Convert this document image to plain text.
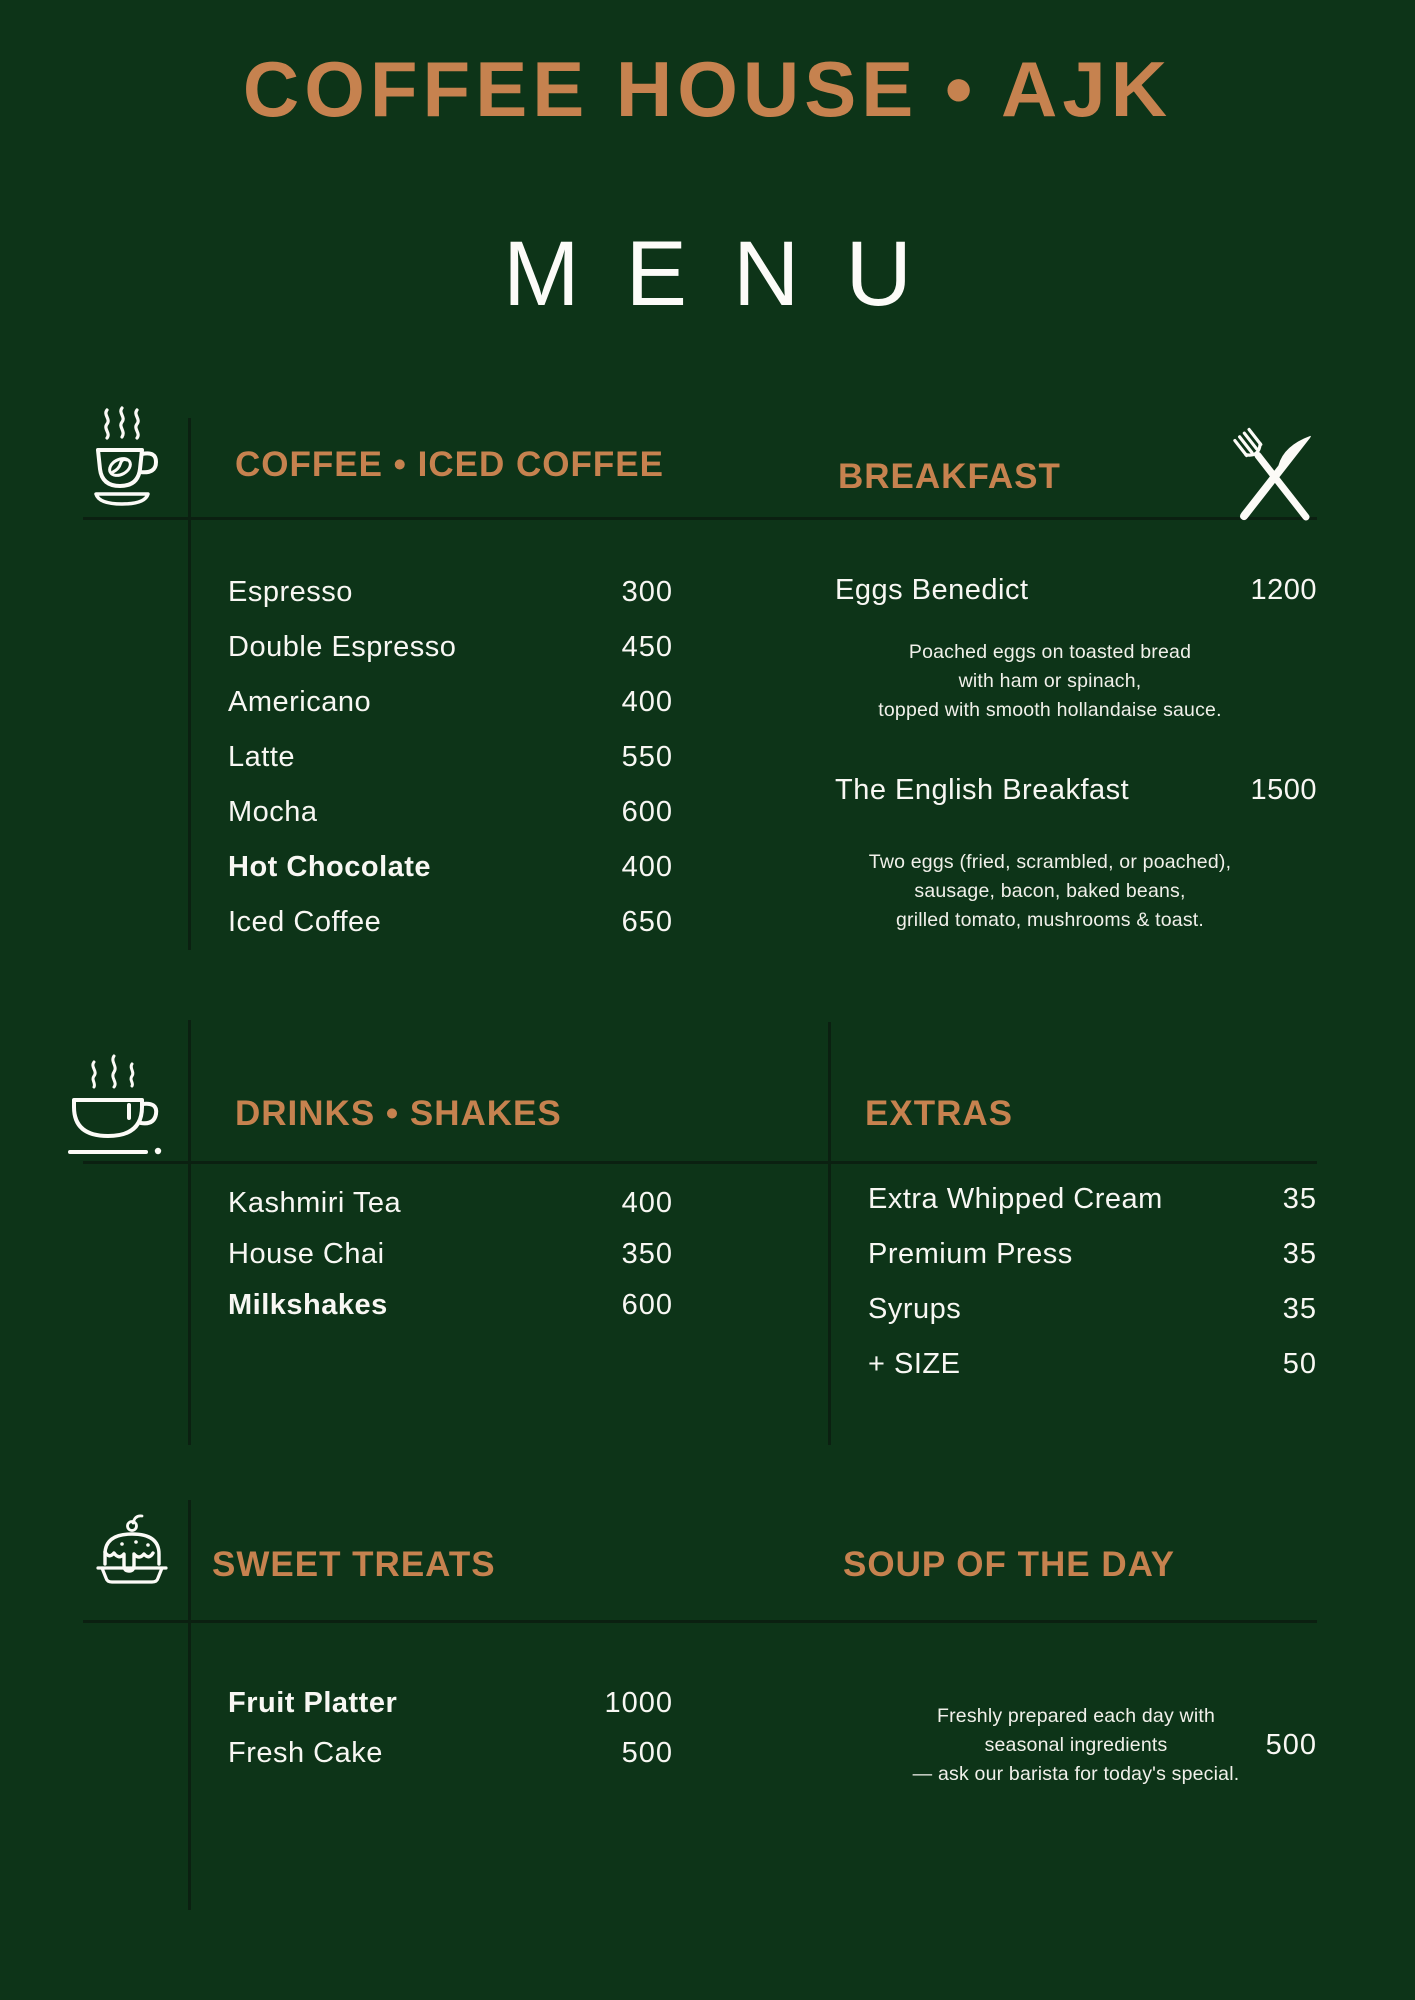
COFFEE HOUSE • AJK
MENU
COFFEE • ICED COFFEE	BREAKFAST
Espresso	300
Double Espresso	450
Americano	400
Latte	550
Mocha	600
Hot Chocolate	400
Iced Coffee	650
Eggs Benedict	1200
Poached eggs on toasted bread
with ham or spinach,
topped with smooth hollandaise sauce.
The English Breakfast	1500
Two eggs (fried, scrambled, or poached),
sausage, bacon, baked beans,
grilled tomato, mushrooms & toast.
DRINKS • SHAKES	EXTRAS
Kashmiri Tea	400
House Chai	350
Milkshakes	600
Extra Whipped Cream	35
Premium Press	35
Syrups	35
+ SIZE	50
SWEET TREATS	SOUP OF THE DAY
Fruit Platter	1000
Fresh Cake	500
Freshly prepared each day with
seasonal ingredients
— ask our barista for today's special.
500
